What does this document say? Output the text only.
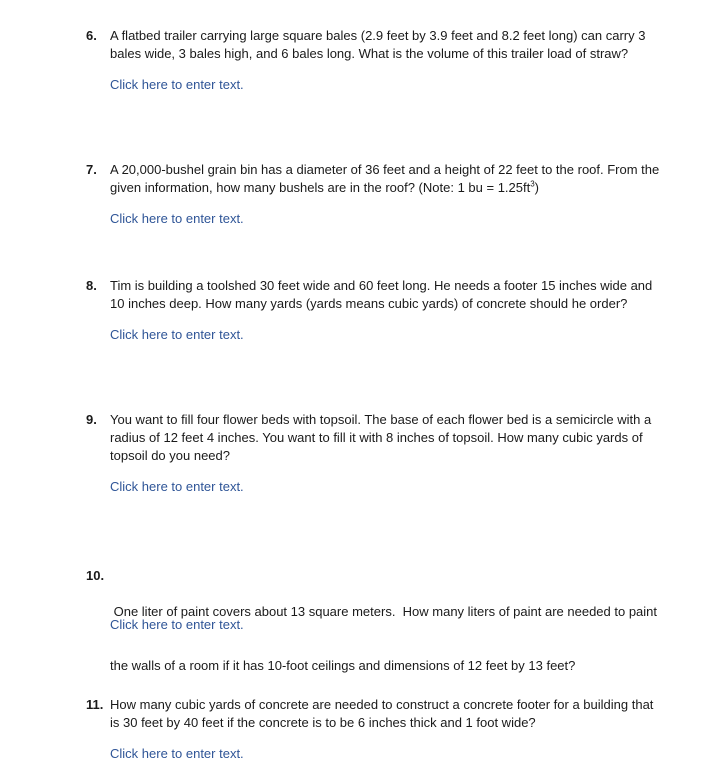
6. A flatbed trailer carrying large square bales (2.9 feet by 3.9 feet and 8.2 feet long) can carry 3
bales wide, 3 bales high, and 6 bales long. What is the volume of this trailer load of straw?
Click here to enter text.
7. A 20,000-bushel grain bin has a diameter of 36 feet and a height of 22 feet to the roof. From the
given information, how many bushels are in the roof? (Note: 1 bu = $1.25ft^3$)
Click here to enter text.
8. Tim is building a toolshed 30 feet wide and 60 feet long. He needs a footer 15 inches wide and
10 inches deep. How many yards (yards means cubic yards) of concrete should he order?
Click here to enter text.
9. You want to fill four flower beds with topsoil. The base of each flower bed is a semicircle with a
radius of 12 feet 4 inches. You want to fill it with 8 inches of topsoil. How many cubic yards of
topsoil do you need?
Click here to enter text.
10.

One liter of paint covers about 13 square meters.  How many liters of paint are needed to paint

the walls of a room if it has 10-foot ceilings and dimensions of 12 feet by 13 feet?

Click here to enter text.
11. How many cubic yards of concrete are needed to construct a concrete footer for a building that
is 30 feet by 40 feet if the concrete is to be 6 inches thick and 1 foot wide?
Click here to enter text.
